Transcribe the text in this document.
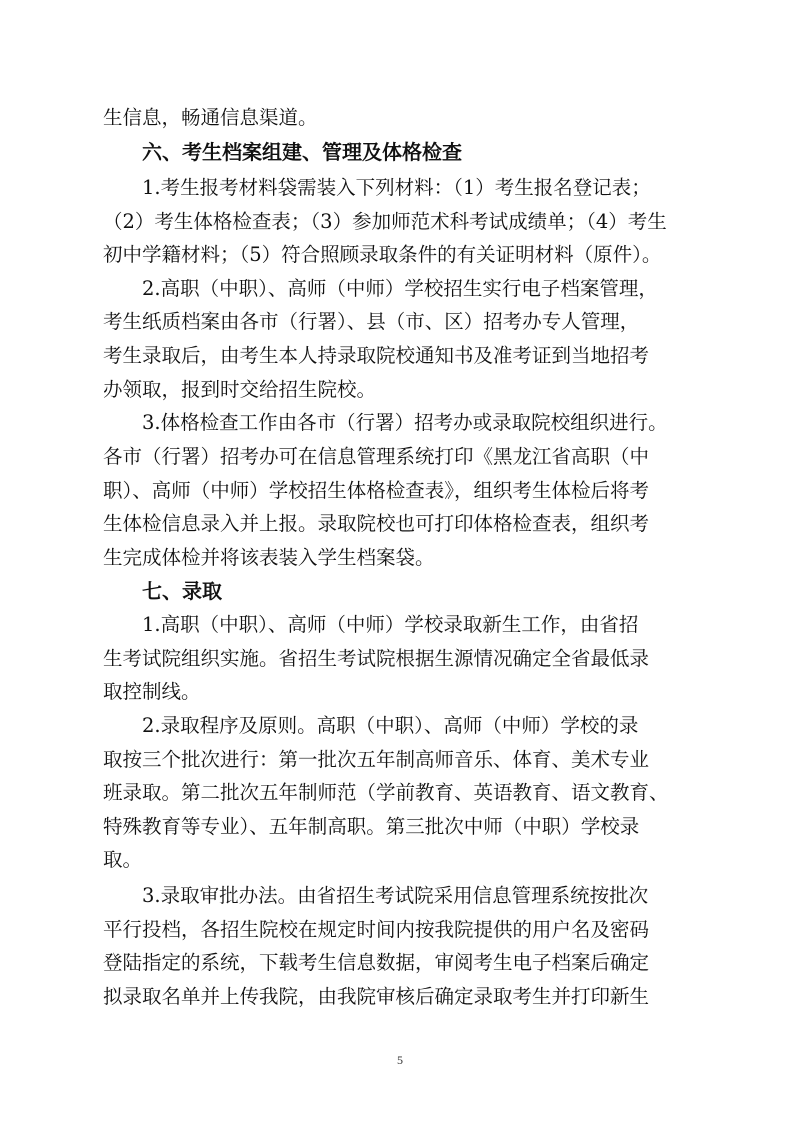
生信息，畅通信息渠道。
六、考生档案组建、管理及体格检查
1.考生报考材料袋需装入下列材料：（1）考生报名登记表；
（2）考生体格检查表；（3）参加师范术科考试成绩单；（4）考生
初中学籍材料；（5）符合照顾录取条件的有关证明材料（原件）。
2.高职（中职）、高师（中师）学校招生实行电子档案管理，
考生纸质档案由各市（行署）、县（市、区）招考办专人管理，
考生录取后，由考生本人持录取院校通知书及准考证到当地招考
办领取，报到时交给招生院校。
3.体格检查工作由各市（行署）招考办或录取院校组织进行。
各市（行署）招考办可在信息管理系统打印《黑龙江省高职（中
职）、高师（中师）学校招生体格检查表》，组织考生体检后将考
生体检信息录入并上报。录取院校也可打印体格检查表，组织考
生完成体检并将该表装入学生档案袋。
七、录取
1.高职（中职）、高师（中师）学校录取新生工作，由省招
生考试院组织实施。省招生考试院根据生源情况确定全省最低录
取控制线。
2.录取程序及原则。高职（中职）、高师（中师）学校的录
取按三个批次进行：第一批次五年制高师音乐、体育、美术专业
班录取。第二批次五年制师范（学前教育、英语教育、语文教育、
特殊教育等专业）、五年制高职。第三批次中师（中职）学校录
取。
3.录取审批办法。由省招生考试院采用信息管理系统按批次
平行投档，各招生院校在规定时间内按我院提供的用户名及密码
登陆指定的系统，下载考生信息数据，审阅考生电子档案后确定
拟录取名单并上传我院，由我院审核后确定录取考生并打印新生
5
